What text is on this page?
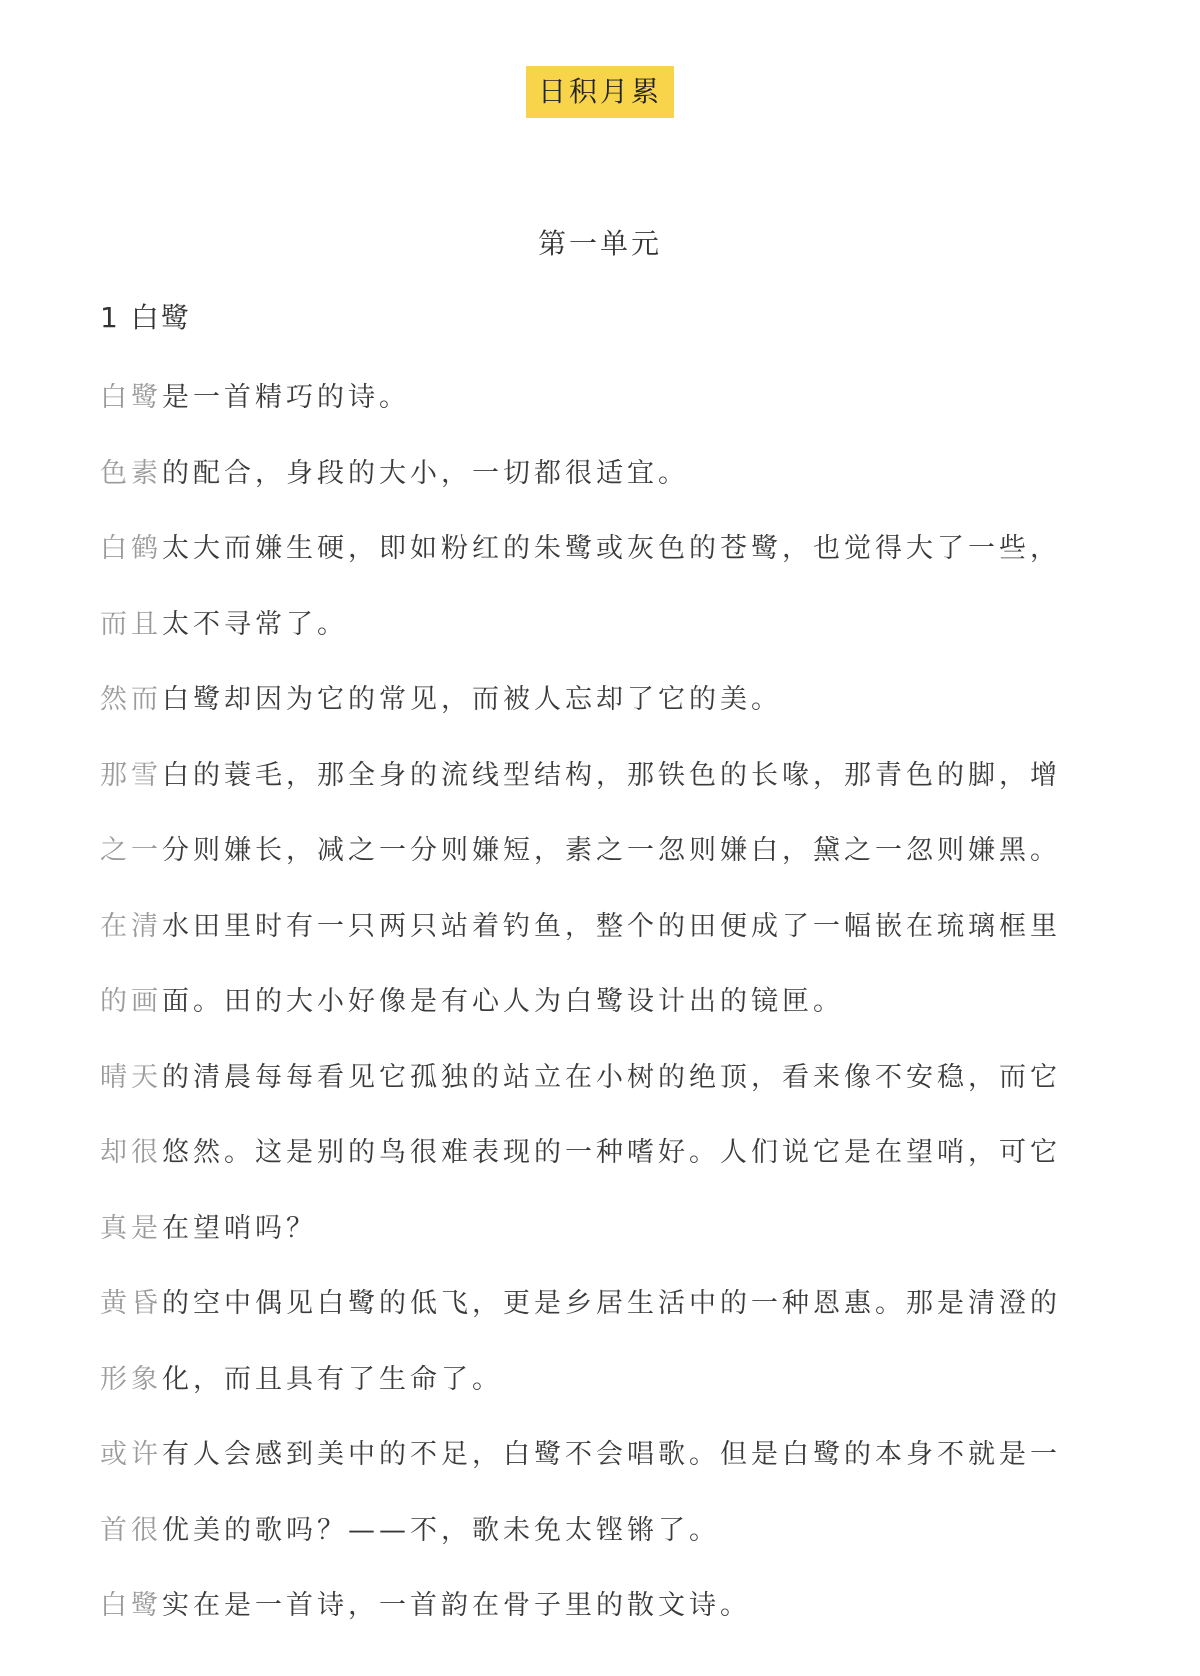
日积月累
第一单元
1 白鹭

白鹭是一首精巧的诗。

色素的配合，身段的大小，一切都很适宜。

白鹤太大而嫌生硬，即如粉红的朱鹭或灰色的苍鹭，也觉得大了一些，

而且太不寻常了。

然而白鹭却因为它的常见，而被人忘却了它的美。

那雪白的蓑毛，那全身的流线型结构，那铁色的长喙，那青色的脚，增

之一分则嫌长，减之一分则嫌短，素之一忽则嫌白，黛之一忽则嫌黑。

在清水田里时有一只两只站着钓鱼，整个的田便成了一幅嵌在琉璃框里

的画面。田的大小好像是有心人为白鹭设计出的镜匣。

晴天的清晨每每看见它孤独的站立在小树的绝顶，看来像不安稳，而它

却很悠然。这是别的鸟很难表现的一种嗜好。人们说它是在望哨，可它

真是在望哨吗？

黄昏的空中偶见白鹭的低飞，更是乡居生活中的一种恩惠。那是清澄的

形象化，而且具有了生命了。

或许有人会感到美中的不足，白鹭不会唱歌。但是白鹭的本身不就是一

首很优美的歌吗？——不，歌未免太铿锵了。

白鹭实在是一首诗，一首韵在骨子里的散文诗。
